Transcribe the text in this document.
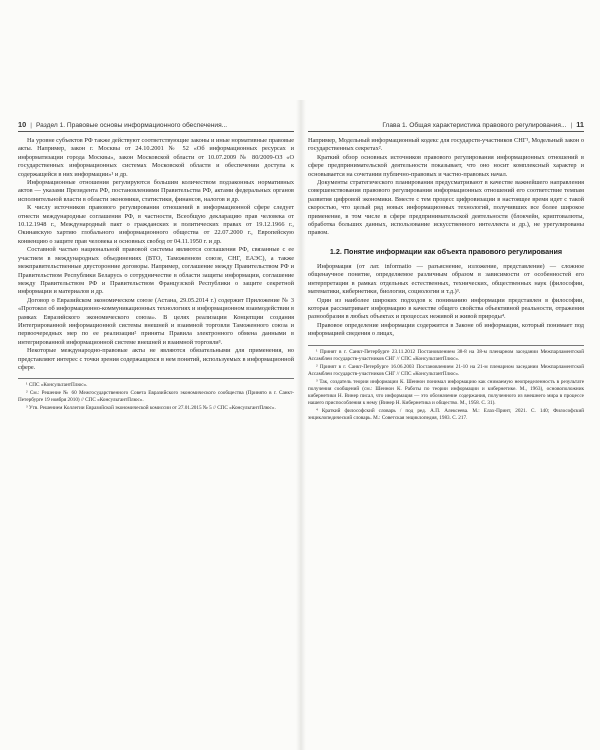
10 | Раздел 1. Правовые основы информационного обеспечения...

На уровне субъектов РФ также действуют соответствующие законы и иные нормативные правовые акты. Например, закон г. Москвы от 24.10.2001 № 52 «Об информационных ресурсах и информатизации города Москвы», закон Московской области от 10.07.2009 № 80/2009-ОЗ «О государственных информационных системах Московской области и обеспечении доступа к содержащейся в них информации»¹ и др.

Информационные отношения регулируются большим количеством подзаконных нормативных актов — указами Президента РФ, постановлениями Правительства РФ, актами федеральных органов исполнительной власти в области экономики, статистики, финансов, налогов и др.

К числу источников правового регулирования отношений в информационной сфере следует отнести международные соглашения РФ, в частности, Всеобщую декларацию прав человека от 10.12.1948 г., Международный пакт о гражданских и политических правах от 19.12.1966 г., Окинавскую хартию глобального информационного общества от 22.07.2000 г., Европейскую конвенцию о защите прав человека и основных свобод от 04.11.1950 г. и др.

Составной частью национальной правовой системы являются соглашения РФ, связанные с ее участием в международных объединениях (ВТО, Таможенном союзе, СНГ, ЕАЭС), а также межправительственные двусторонние договоры. Например, соглашение между Правительством РФ и Правительством Республики Беларусь о сотрудничестве в области защиты информации, соглашение между Правительством РФ и Правительством Французской Республики о защите секретной информации и материалов и др.

Договор о Евразийском экономическом союзе (Астана, 29.05.2014 г.) содержит Приложение № 3 «Протокол об информационно-коммуникационных технологиях и информационном взаимодействии в рамках Евразийского экономического союза». В целях реализации Концепции создания Интегрированной информационной системы внешней и взаимной торговли Таможенного союза и первоочередных мер по ее реализации² приняты Правила электронного обмена данными в интегрированной информационной системе внешней и взаимной торговли³.

Некоторые международно-правовые акты не являются обязательными для применения, но представляют интерес с точки зрения содержащихся в нем понятий, используемых в информационной сфере.

¹ СПС «КонсультантПлюс».

² См.: Решение № 60 Межгосударственного Совета Евразийского экономического сообщества (Принято в г. Санкт-Петербурге 19 ноября 2010) // СПС «КонсультантПлюс».

³ Утв. Решением Коллегии Евразийской экономической комиссии от 27.01.2015 № 5 // СПС «КонсультантПлюс».

Глава 1. Общая характеристика правового регулирования... | 11

Например, Модельный информационный кодекс для государств-участников СНГ¹, Модельный закон о государственных секретах².

Краткий обзор основных источников правового регулирования информационных отношений в сфере предпринимательской деятельности показывает, что оно носит комплексный характер и основывается на сочетании публично-правовых и частно-правовых начал.

Документы стратегического планирования предусматривают в качестве важнейшего направления совершенствования правового регулирования информационных отношений его соответствие темпам развития цифровой экономики. Вместе с тем процесс цифровизации в настоящее время идет с такой скоростью, что целый ряд новых информационных технологий, получивших все более широкое применение, в том числе в сфере предпринимательской деятельности (блокчейн, криптовалюты, обработка больших данных, использование искусственного интеллекта и др.), не урегулированы правом.

1.2. Понятие информации как объекта правового регулирования

Информация (от лат. informatio — разъяснение, изложение, представление) — сложное общенаучное понятие, определяемое различным образом в зависимости от особенностей его интерпретации в рамках отдельных естественных, технических, общественных наук (философии, математики, кибернетики, биологии, социологии и т.д.)³.

Один из наиболее широких подходов к пониманию информации представлен в философии, которая рассматривает информацию в качестве общего свойства объективной реальности, отражения разнообразия в любых объектах и процессах неживой и живой природы⁴.

Правовое определение информации содержится в Законе об информации, который понимает под информацией сведения о лицах,

¹ Принят в г. Санкт-Петербурге 23.11.2012 Постановлением 38-8 на 38-м пленарном заседании Межпарламентской Ассамблеи государств-участников СНГ // СПС «КонсультантПлюс».

² Принят в г. Санкт-Петербурге 16.06.2003 Постановлением 21-10 на 21-м пленарном заседании Межпарламентской Ассамблеи государств-участников СНГ // СПС «КонсультантПлюс».

³ Так, создатель теории информации К. Шеннон понимал информацию как снимаемую неопределенность в результате получения сообщений (см.: Шеннон К. Работы по теории информации и кибернетике. М., 1963), основоположник кибернетики Н. Винер писал, что информация — это обозначение содержания, полученного из внешнего мира в процессе нашего приспособления к нему (Винер Н. Кибернетика и общество. М., 1958. С. 31).

⁴ Краткий философский словарь / под ред. А.П. Алексеева. М.: Елах-Принт, 2021. С. 140; Философский энциклопедический словарь. М.: Советская энциклопедия, 1983. С. 217.
